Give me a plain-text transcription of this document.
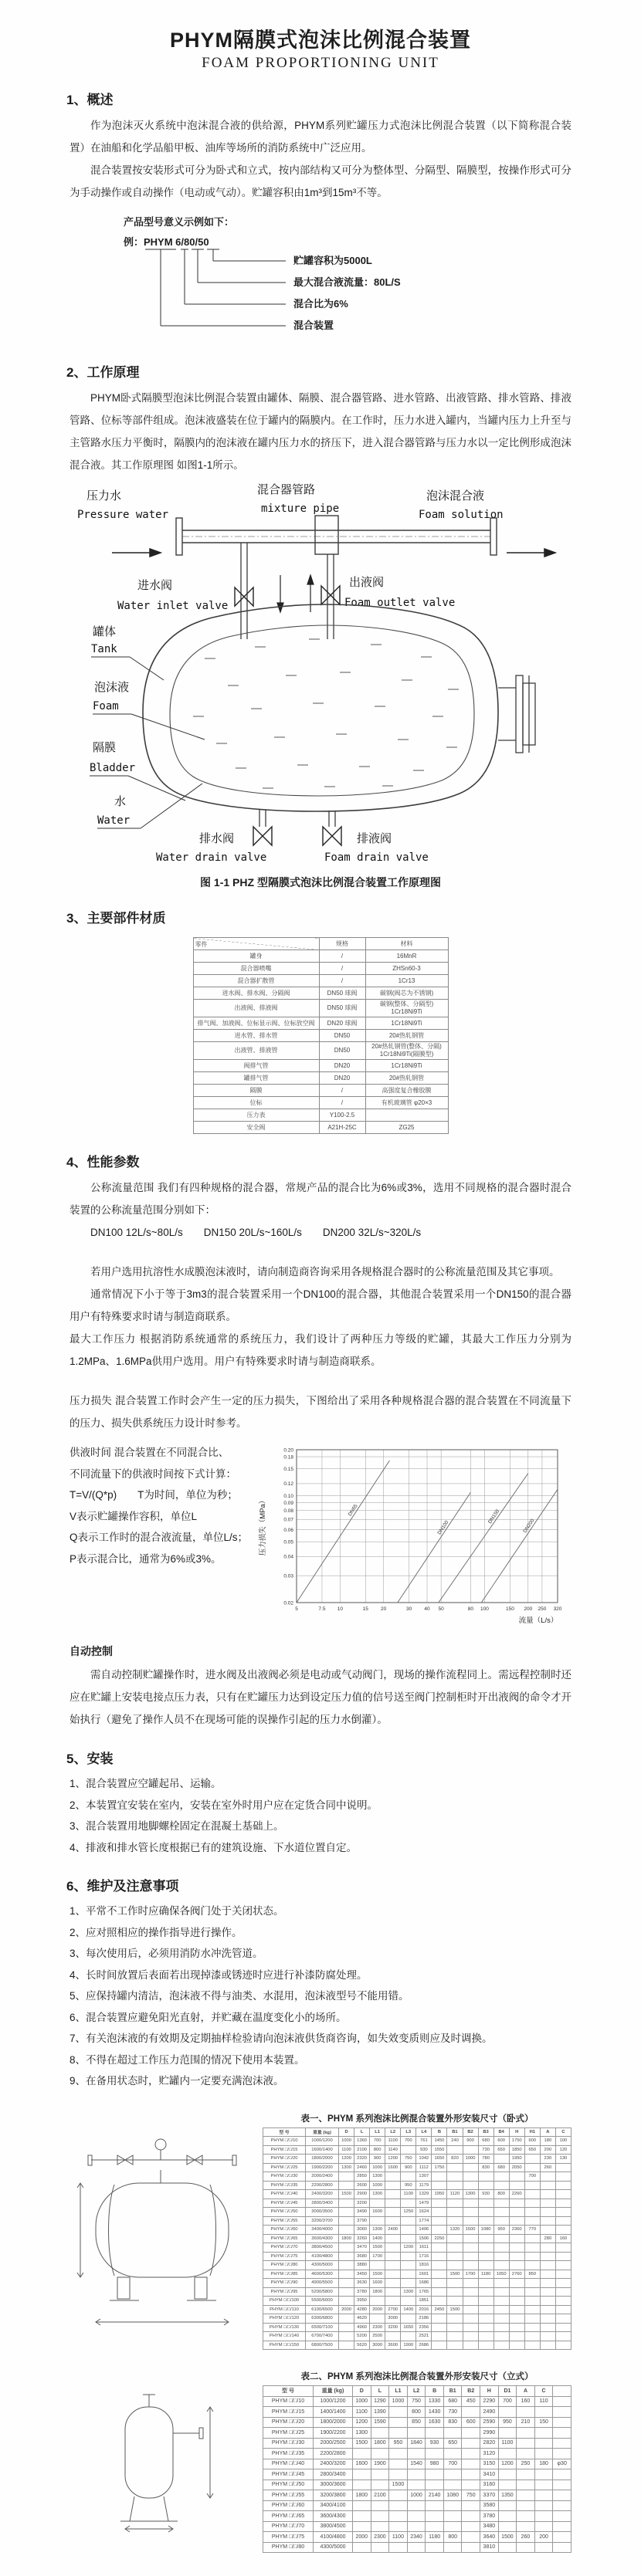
PHYM隔膜式泡沫比例混合装置
FOAM PROPORTIONING UNIT
1、概述

作为泡沫灭火系统中泡沫混合液的供给源，PHYM系列贮罐压力式泡沫比例混合装置（以下简称混合装置）在油船和化学品船甲板、油库等场所的消防系统中广泛应用。

混合装置按安装形式可分为卧式和立式，按内部结构又可分为整体型、分隔型、隔膜型，按操作形式可分为手动操作或自动操作（电动或气动）。贮罐容积由1m³到15m³不等。

产品型号意义示例如下：
例：PHYM 6/80/50
贮罐容积为5000L
最大混合液流量：80L/S
混合比为6%
混合装置
2、工作原理

PHYM卧式隔膜型泡沫比例混合装置由罐体、隔膜、混合器管路、进水管路、出液管路、排水管路、排液管路、位标等部件组成。泡沫液盛装在位于罐内的隔膜内。在工作时，压力水进入罐内，当罐内压力上升至与主管路水压力平衡时，隔膜内的泡沫液在罐内压力水的挤压下，进入混合器管路与压力水以一定比例形成泡沫混合液。其工作原理图 如图1-1所示。

压力水
Pressure water
混合器管路
mixture pipe
泡沫混合液
Foam solution
进水阀
Water inlet valve
出液阀
Foam outlet valve
罐体
Tank
泡沫液
Foam
隔膜
Bladder
水
Water
排水阀
Water drain valve
排液阀
Foam drain valve
图 1-1 PHZ 型隔膜式泡沫比例混合装置工作原理图
3、主要部件材质
零件	规格	材料
罐身	/	16MnR
混合器喷嘴	/	ZHSn60-3
混合器扩散管	/	1Cr13
进水阀、排水阀、分隔阀	DN50 球阀	碳钢(阀芯为不锈钢)
出液阀、排液阀	DN50 球阀	碳钢(整体、分隔型) 1Cr18Ni9Ti
排气阀、加液阀、位标显示阀、位标放空阀	DN20 球阀	1Cr18Ni9Ti
进水管、排水管	DN50	20#热轧钢管
出液管、排液管	DN50	20#热轧钢管(整体、分隔) 1Cr18Ni9Ti(隔膜型)
阀排气管	DN20	1Cr18Ni9Ti
罐排气管	DN20	20#热轧钢管
隔膜	/	高强度复合橡胶膜
位标	/	有机玻璃管 φ20×3
压力表	Y100-2.5	
安全阀	A21H-25C	ZG25
4、性能参数

公称流量范围 我们有四种规格的混合器，常规产品的混合比为6%或3%，选用不同规格的混合器时混合装置的公称流量范围分别如下：

DN100 12L/s~80L/s　　DN150 20L/s~160L/s　　DN200 32L/s~320L/s

若用户选用抗溶性水成膜泡沫液时，请向制造商咨询采用各规格混合器时的公称流量范围及其它事项。

通常情况下小于等于3m3的混合装置采用一个DN100的混合器，其他混合装置采用一个DN150的混合器用户有特殊要求时请与制造商联系。

最大工作压力 根据消防系统通常的系统压力，我们设计了两种压力等级的贮罐，其最大工作压力分别为1.2MPa、1.6MPa供用户选用。用户有特殊要求时请与制造商联系。

压力损失 混合装置工作时会产生一定的压力损失，下图给出了采用各种规格混合器的混合装置在不同流量下的压力、损失供系统压力设计时参考。

供液时间 混合装置在不同混合比、
不同流量下的供液时间按下式计算：
T=V/(Q*p)　　T为时间，单位为秒；
V表示贮罐操作容积，单位L
Q表示工作时的混合液流量，单位L/s；
P表示混合比，通常为6%或3%。
5	7.5 10	15 20	30 40 50	80 100	150 200 250 320
0.02
0.03
0.04
0.05
0.06
0.07
0.08
0.09
0.10
0.12
0.15
0.18
0.20
DN65
DN100
DN150
DN200
压力损失（MPa）
流量（L/s）
自动控制

需自动控制贮罐操作时，进水阀及出液阀必须是电动或气动阀门，现场的操作流程同上。需远程控制时还应在贮罐上安装电接点压力表，只有在贮罐压力达到设定压力值的信号送至阀门控制柜时开出液阀的命令才开始执行（避免了操作人员不在现场可能的误操作引起的压力水倒灌）。

5、安装
1、混合装置应空罐起吊、运输。
2、本装置宜安装在室内，安装在室外时用户应在定货合同中说明。
3、混合装置用地脚螺栓固定在混凝土基础上。
4、排液和排水管长度根据已有的建筑设施、下水道位置自定。
6、维护及注意事项
1、平常不工作时应确保各阀门处于关闭状态。
2、应对照相应的操作指导进行操作。
3、每次使用后，必须用消防水冲洗管道。
4、长时间放置后表面若出现掉漆或锈迹时应进行补漆防腐处理。
5、应保持罐内清洁，泡沫液不得与油类、水混用，泡沫液型号不能用错。
6、混合装置应避免阳光直射，并贮藏在温度变化小的场所。
7、有关泡沫液的有效期及定期抽样检验请向泡沫液供货商咨询，如失效变质则应及时调换。
8、不得在超过工作压力范围的情况下使用本装置。
9、在备用状态时，贮罐内一定要充满泡沫液。
表一、PHYM 系列泡沫比例混合装置外形安装尺寸（卧式）
型 号	重量 (kg)	D	L	L1	L2	L3	L4	B	B1	B2	B3	B4	H	H1	A	C
PHYM □/□/10	1000/1200	1000	1360	700	1100	700	761	1450	240	900	680	600	1750	600	180	100
PHYM □/□/15	1600/1400	1100	2100	800	1140		930	1550			730	650	1850	650	200	120
PHYM □/□/20	1800/2000	1200	2320	900	1200	750	1042	1650	820	1000	780		1950		230	130
PHYM □/□/25	1900/2200	1300	2460	1000	1600	900	1112	1750			830	680	2050		260	
PHYM □/□/30	2000/2400		2850	1300			1307							700		
PHYM □/□/35	2200/2800		2600	1000		950	1179									
PHYM □/□/40	2400/3200	1500	2900	1300		1100	1329	1950	1120	1300	930	800	2260			
PHYM □/□/45	2800/3400		3200				1479									
PHYM □/□/50	3000/3500		3490	1600		1250	1624									
PHYM □/□/55	3200/3700		3790				1774									
PHYM □/□/60	3400/4000		3060	1300	2400		1406		1320	1500	1080	950	2360	770		
PHYM □/□/65	3600/4300	1800	3260	1400			1506	2250							280	160
PHYM □/□/70	3800/4500		3470	1500		1200	1611									
PHYM □/□/75	4100/4800		3680	1700			1716									
PHYM □/□/80	4300/5000		3880				1816									
PHYM □/□/85	4600/5300		3450	1500			1601		1500	1700	1180	1050	2760	850		
PHYM □/□/90	4900/5500		3630	1600			1686									
PHYM □/□/95	5200/5800		3780	1800		1300	1765									
PHYM □/□/100	5500/6000		3950				1851									
PHYM □/□/110	6100/6500	2000	4280	2000	2700	1400	2016	2450	1500							
PHYM □/□/120	6300/6800		4620		3000		2186									
PHYM □/□/130	6500/7100		4960	2300	3200	1650	2356									
PHYM □/□/140	6700/7400		5200	2500			2521									
PHYM □/□/150	6800/7500		5620	3000	3600	1900	2686									
表二、PHYM 系列泡沫比例混合装置外形安装尺寸（立式）
型 号	重量 (kg)	D	L	L1	L2	B	B1	B2	H	D1	A	C	
PHYM □/□/10	1000/1200	1000	1290	1000	750	1330	680	450	2290	700	160	110	
PHYM □/□/15	1400/1400	1100	1390		800	1430	730		2490				
PHYM □/□/20	1800/2000	1200	1590		850	1630	830	600	2590	950	210	150	
PHYM □/□/25	1900/2200	1300							2990				
PHYM □/□/30	2000/2500	1500	1800	950	1840	930	650		2820	1100			
PHYM □/□/35	2200/2800								3120				
PHYM □/□/40	2400/3200	1600	1900		1540	980	700		3150	1200	250	180	φ30
PHYM □/□/45	2800/3400								3410				
PHYM □/□/50	3000/3600			1500					3160				
PHYM □/□/55	3200/3800	1800	2100		1000	2140	1080	750	3370	1350			
PHYM □/□/60	3400/4100								3580				
PHYM □/□/65	3600/4300								3780				
PHYM □/□/70	3800/4500								3480				
PHYM □/□/75	4100/4800	2000	2300	1100	2340	1180	800		3640	1500	260	200	
PHYM □/□/80	4300/5000								3810				
